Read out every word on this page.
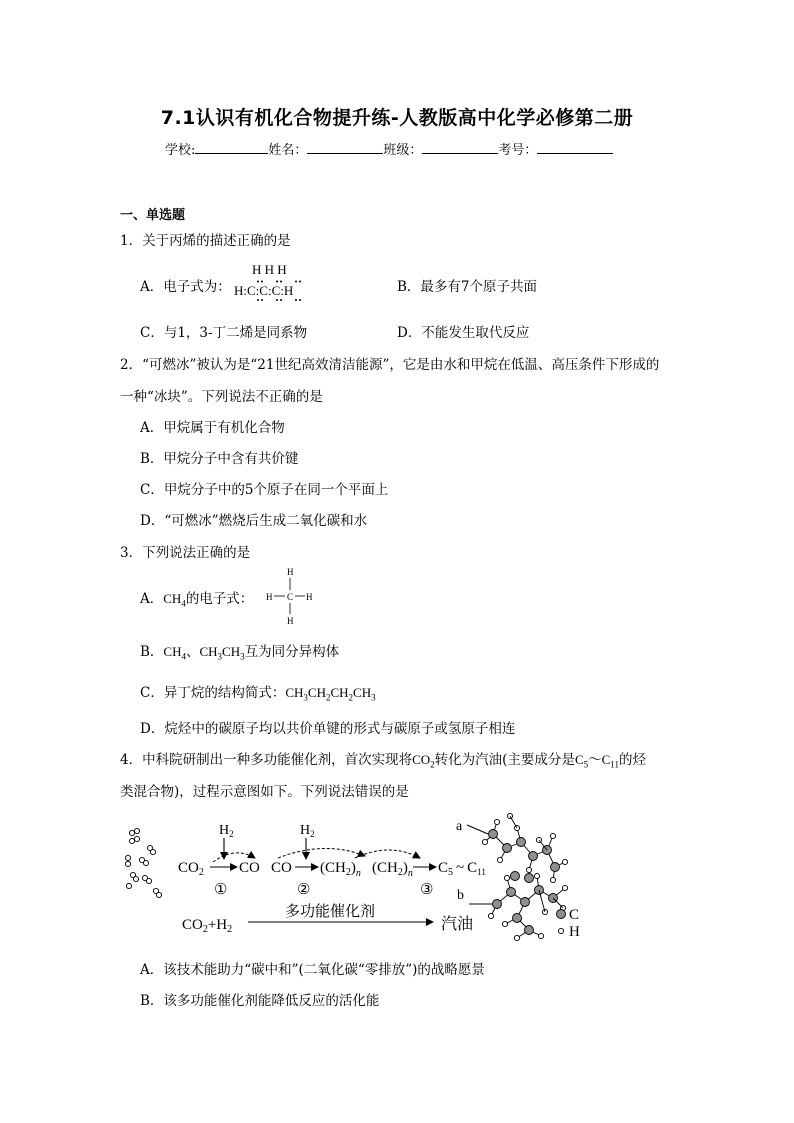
7.1认识有机化合物提升练-人教版高中化学必修第二册
学校:	姓名：	班级：	考号：
一、单选题
1．关于丙烯的描述正确的是
A．电子式为：
H H H
H:C:C:C:H	B．最多有7个原子共面
C．与1，3-丁二烯是同系物	D．不能发生取代反应
2．“可燃冰”被认为是“21世纪高效清洁能源”，它是由水和甲烷在低温、高压条件下形成的
一种“冰块”。下列说法不正确的是
A．甲烷属于有机化合物
B．甲烷分子中含有共价键
C．甲烷分子中的5个原子在同一个平面上
D．“可燃冰”燃烧后生成二氧化碳和水
3．下列说法正确的是
A．$CH_4$的电子式：
H
C
H	H
H
B．$CH_4$、$CH_3CH_3$互为同分异构体
C．异丁烷的结构简式：$CH_3CH_2CH_2CH_3$
D．烷烃中的碳原子均以共价单键的形式与碳原子或氢原子相连
4．中科院研制出一种多功能催化剂，首次实现将$CO_2$转化为汽油(主要成分是$C_5\sim C_{11}$的烃
类混合物)，过程示意图如下。下列说法错误的是
$H_2$	$H_2$
$CO_2$ CO
①
CO
②
$(CH_2)_n$ $(CH_2)_n$
③
$C_5$ ~ $C_{11}$
a
b
$CO_2+H_2$
多功能催化剂
汽油
C
H
A．该技术能助力“碳中和”(二氧化碳“零排放”)的战略愿景
B．该多功能催化剂能降低反应的活化能
